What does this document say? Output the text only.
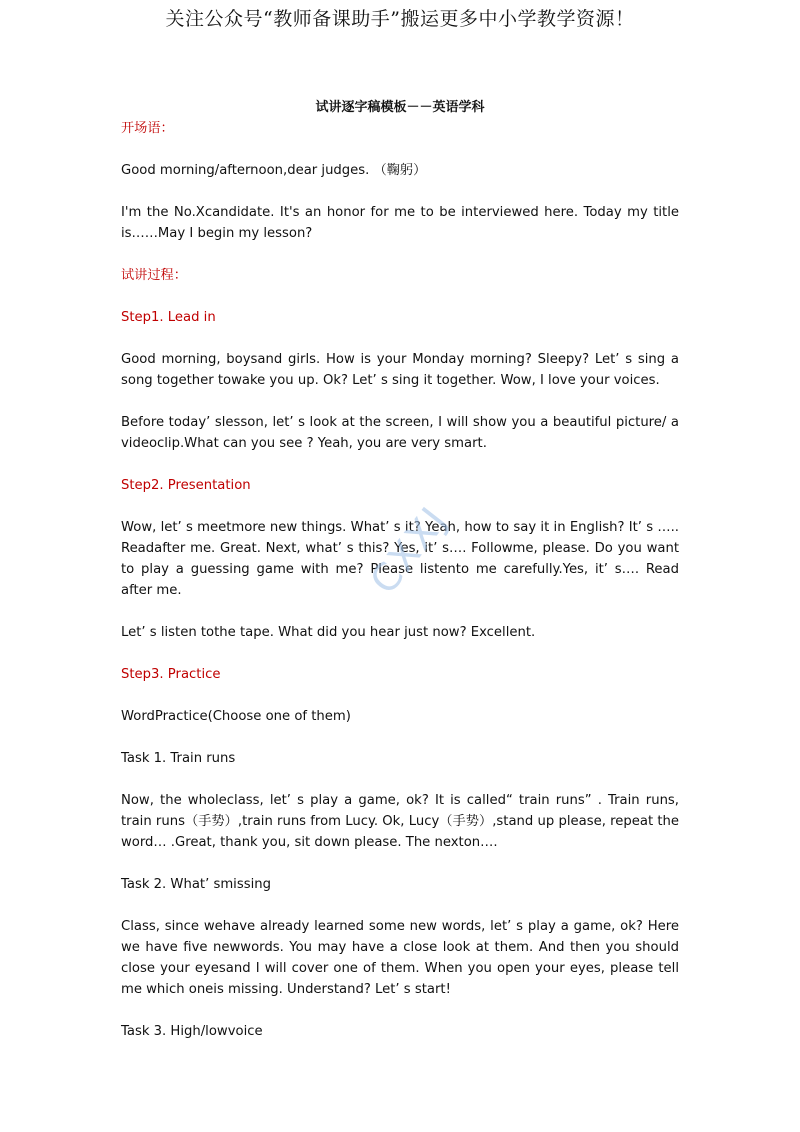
关注公众号“教师备课助手”搬运更多中小学教学资源！
试讲逐字稿模板－－英语学科

开场语：

Good morning/afternoon,dear judges. （鞠躬）

I'm the No.Xcandidate. It's an honor for me to be interviewed here. Today my title is……May I begin my lesson?

试讲过程：

Step1. Lead in

Good morning, boysand girls. How is your Monday morning? Sleepy? Let’ s sing a song together towake you up. Ok? Let’ s sing it together. Wow, I love your voices.

Before today’ slesson, let’ s look at the screen, I will show you a beautiful picture/ a videoclip.What can you see ? Yeah, you are very smart.

Step2. Presentation

Wow, let’ s meetmore new things. What’ s it? Yeah, how to say it in English? It’ s ….. Readafter me. Great. Next, what’ s this? Yes, it’ s…. Followme, please. Do you want to play a guessing game with me? Please listento me carefully.Yes, it’ s…. Read after me.

Let’ s listen tothe tape. What did you hear just now? Excellent.

Step3. Practice

WordPractice(Choose one of them)

Task 1. Train runs

Now, the wholeclass, let’ s play a game, ok? It is called“ train runs” . Train runs, train runs（手势）,train runs from Lucy. Ok, Lucy（手势）,stand up please, repeat the word… .Great, thank you, sit down please. The nexton….

Task 2. What’ smissing

Class, since wehave already learned some new words, let’ s play a game, ok? Here we have five newwords. You may have a close look at them. And then you should close your eyesand I will cover one of them. When you open your eyes, please tell me which oneis missing. Understand? Let’ s start!

Task 3. High/lowvoice

CXXJ
